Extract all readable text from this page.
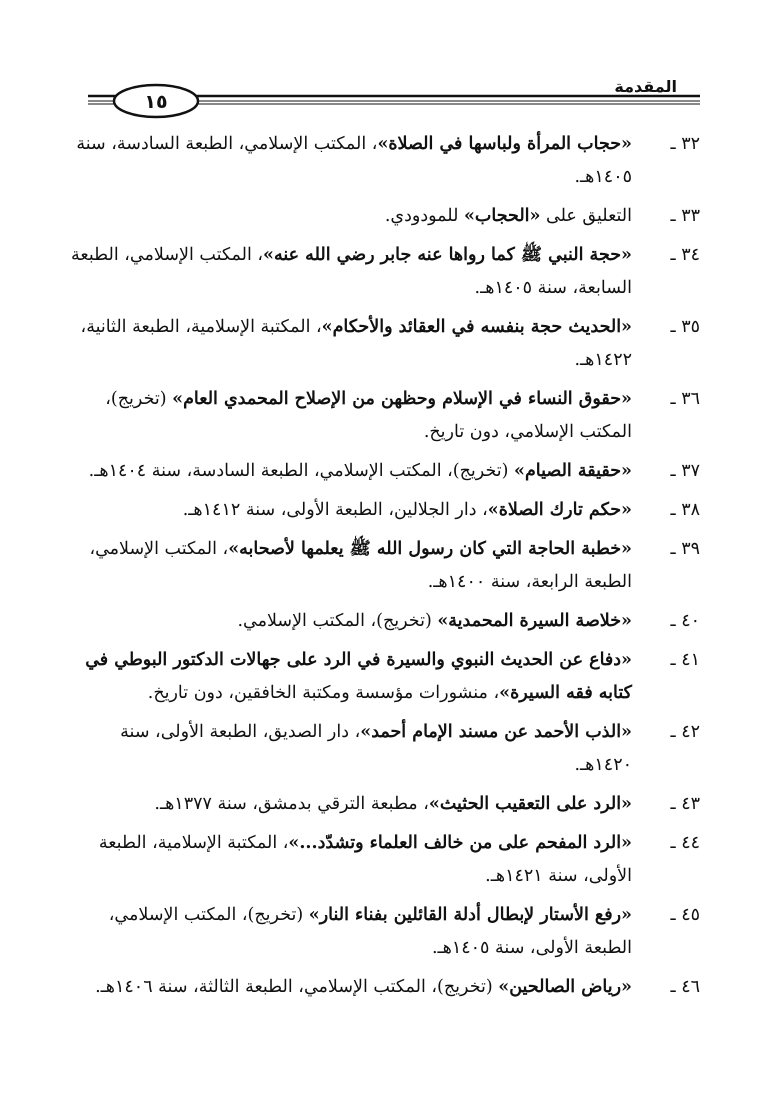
المقدمة
١٥
٣٢ ـ
«حجاب المرأة ولباسها في الصلاة»، المكتب الإسلامي، الطبعة السادسة، سنة ١٤٠٥هـ.
٣٣ ـ
التعليق على «الحجاب» للمودودي.
٣٤ ـ
«حجة النبي ﷺ كما رواها عنه جابر رضي الله عنه»، المكتب الإسلامي، الطبعة السابعة، سنة ١٤٠٥هـ.
٣٥ ـ
«الحديث حجة بنفسه في العقائد والأحكام»، المكتبة الإسلامية، الطبعة الثانية، ١٤٢٢هـ.
٣٦ ـ
«حقوق النساء في الإسلام وحظهن من الإصلاح المحمدي العام» (تخريج)، المكتب الإسلامي، دون تاريخ.
٣٧ ـ
«حقيقة الصيام» (تخريج)، المكتب الإسلامي، الطبعة السادسة، سنة ١٤٠٤هـ.
٣٨ ـ
«حكم تارك الصلاة»، دار الجلالين، الطبعة الأولى، سنة ١٤١٢هـ.
٣٩ ـ
«خطبة الحاجة التي كان رسول الله ﷺ يعلمها لأصحابه»، المكتب الإسلامي، الطبعة الرابعة، سنة ١٤٠٠هـ.
٤٠ ـ
«خلاصة السيرة المحمدية» (تخريج)، المكتب الإسلامي.
٤١ ـ
«دفاع عن الحديث النبوي والسيرة في الرد على جهالات الدكتور البوطي في كتابه فقه السيرة»، منشورات مؤسسة ومكتبة الخافقين، دون تاريخ.
٤٢ ـ
«الذب الأحمد عن مسند الإمام أحمد»، دار الصديق، الطبعة الأولى، سنة ١٤٢٠هـ.
٤٣ ـ
«الرد على التعقيب الحثيث»، مطبعة الترقي بدمشق، سنة ١٣٧٧هـ.
٤٤ ـ
«الرد المفحم على من خالف العلماء وتشدّد...»، المكتبة الإسلامية، الطبعة الأولى، سنة ١٤٢١هـ.
٤٥ ـ
«رفع الأستار لإبطال أدلة القائلين بفناء النار» (تخريج)، المكتب الإسلامي، الطبعة الأولى، سنة ١٤٠٥هـ.
٤٦ ـ
«رياض الصالحين» (تخريج)، المكتب الإسلامي، الطبعة الثالثة، سنة ١٤٠٦هـ.
